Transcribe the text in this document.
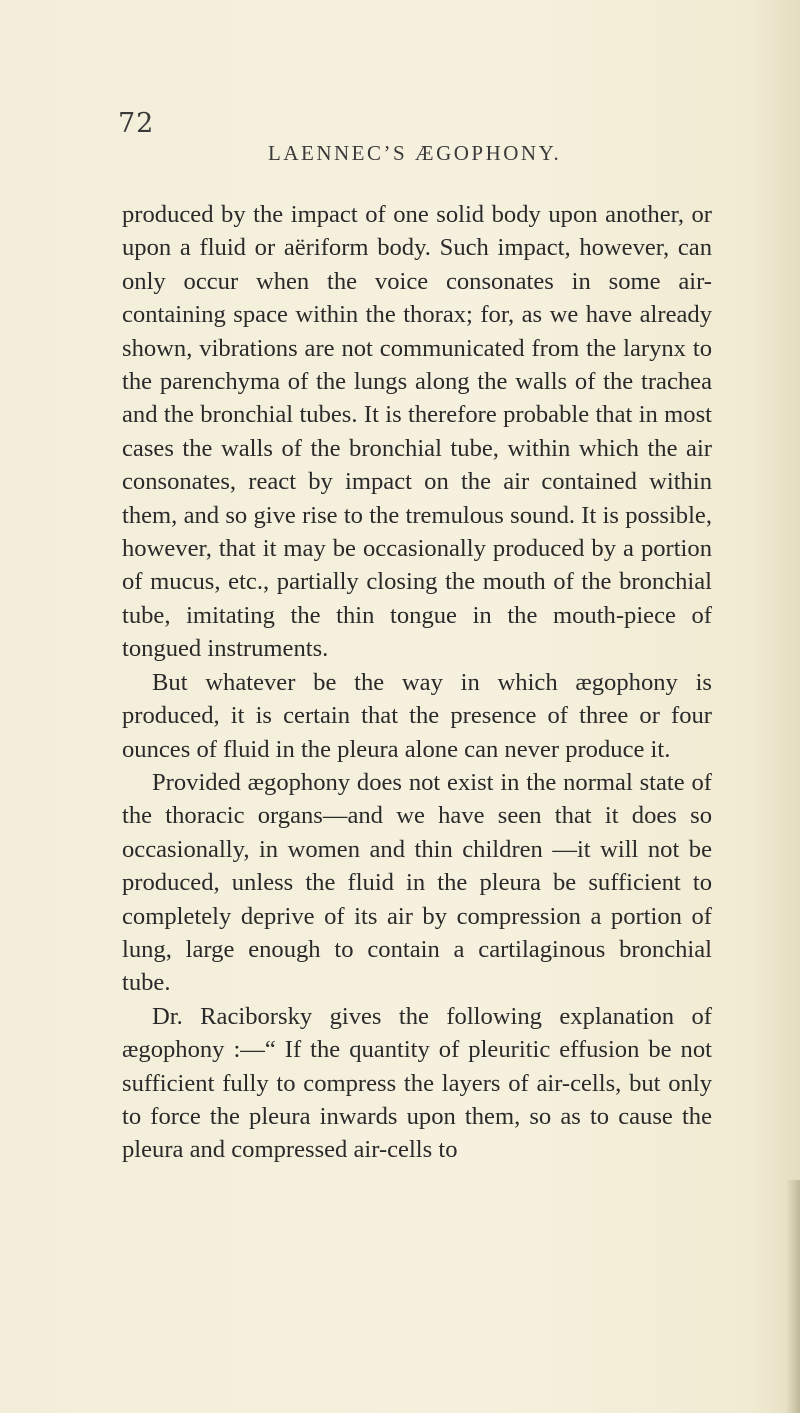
72
LAENNEC’S ÆGOPHONY.

produced by the impact of one solid body upon another, or upon a fluid or aëriform body. Such impact, however, can only occur when the voice consonates in some air-containing space within the thorax; for, as we have already shown, vibrations are not communicated from the larynx to the parenchyma of the lungs along the walls of the trachea and the bronchial tubes. It is therefore probable that in most cases the walls of the bronchial tube, within which the air consonates, react by impact on the air contained within them, and so give rise to the tremulous sound. It is possible, however, that it may be occasionally produced by a portion of mucus, etc., partially closing the mouth of the bronchial tube, imitating the thin tongue in the mouth-piece of tongued instruments.

But whatever be the way in which ægophony is produced, it is certain that the presence of three or four ounces of fluid in the pleura alone can never produce it.

Provided ægophony does not exist in the normal state of the thoracic organs—and we have seen that it does so occasionally, in women and thin children —it will not be produced, unless the fluid in the pleura be sufficient to completely deprive of its air by compression a portion of lung, large enough to contain a cartilaginous bronchial tube.

Dr. Raciborsky gives the following explanation of ægophony :—“ If the quantity of pleuritic effusion be not sufficient fully to compress the layers of air-cells, but only to force the pleura inwards upon them, so as to cause the pleura and compressed air-cells to
